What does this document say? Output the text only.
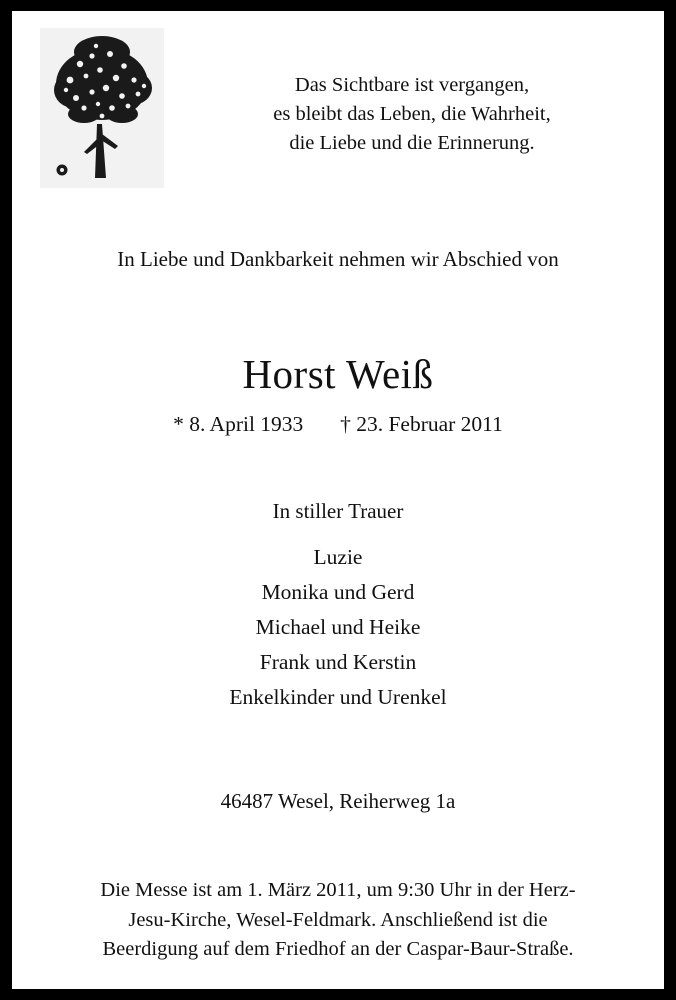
Das Sichtbare ist vergangen,
es bleibt das Leben, die Wahrheit,
die Liebe und die Erinnerung.
In Liebe und Dankbarkeit nehmen wir Abschied von
Horst Weiß
* 8. April 1933 † 23. Februar 2011
In stiller Trauer
Luzie
Monika und Gerd
Michael und Heike
Frank und Kerstin
Enkelkinder und Urenkel
46487 Wesel, Reiherweg 1a
Die Messe ist am 1. März 2011, um 9:30 Uhr in der Herz-
Jesu-Kirche, Wesel-Feldmark. Anschließend ist die
Beerdigung auf dem Friedhof an der Caspar-Baur-Straße.
